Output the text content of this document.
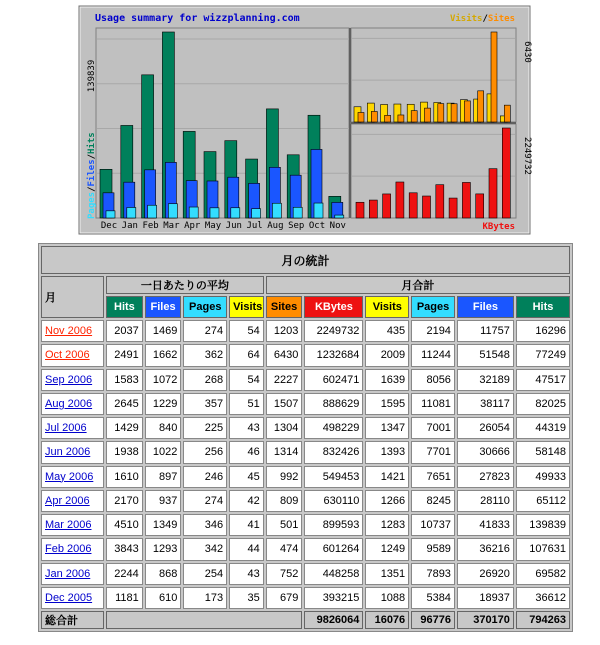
Usage summary for wizzplanning.com	Visits/Sites
139839
Pages/Files/Hits
6430
2249732
KBytes
Dec Jan Feb Mar Apr May Jun Jul Aug Sep Oct Nov
月の統計										
月	一日あたりの平均				月合計					
	Hits	Files	Pages	Visits	Sites	KBytes	Visits	Pages	Files	Hits
Nov 2006	2037	1469	274	54	1203	2249732	435	2194	11757	16296
Oct 2006	2491	1662	362	64	6430	1232684	2009	11244	51548	77249
Sep 2006	1583	1072	268	54	2227	602471	1639	8056	32189	47517
Aug 2006	2645	1229	357	51	1507	888629	1595	11081	38117	82025
Jul 2006	1429	840	225	43	1304	498229	1347	7001	26054	44319
Jun 2006	1938	1022	256	46	1314	832426	1393	7701	30666	58148
May 2006	1610	897	246	45	992	549453	1421	7651	27823	49933
Apr 2006	2170	937	274	42	809	630110	1266	8245	28110	65112
Mar 2006	4510	1349	346	41	501	899593	1283	10737	41833	139839
Feb 2006	3843	1293	342	44	474	601264	1249	9589	36216	107631
Jan 2006	2244	868	254	43	752	448258	1351	7893	26920	69582
Dec 2005	1181	610	173	35	679	393215	1088	5384	18937	36612
総合計						9826064	16076	96776	370170	794263
